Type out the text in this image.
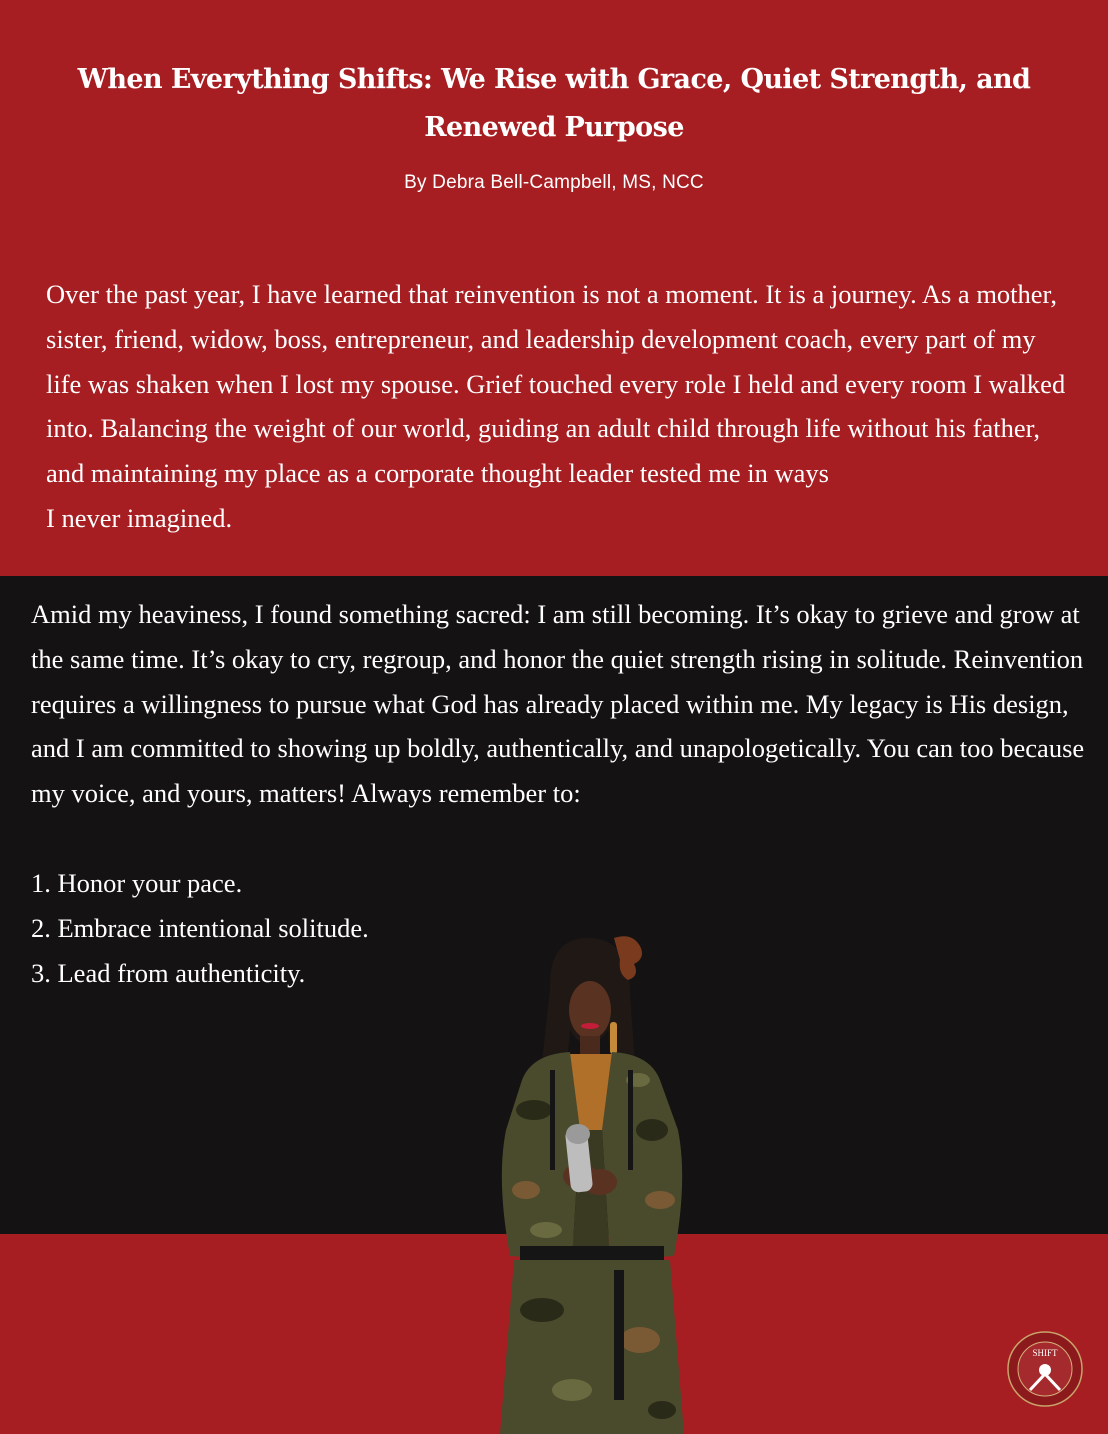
When Everything Shifts: We Rise with Grace, Quiet Strength, and Renewed Purpose
By Debra Bell-Campbell, MS, NCC

Over the past year, I have learned that reinvention is not a moment. It is a journey. As a mother, sister, friend, widow, boss, entrepreneur, and leadership development coach, every part of my life was shaken when I lost my spouse. Grief touched every role I held and every room I walked into. Balancing the weight of our world, guiding an adult child through life without his father, and maintaining my place as a corporate thought leader tested me in ways
I never imagined.

Amid my heaviness, I found something sacred: I am still becoming. It’s okay to grieve and grow at the same time. It’s okay to cry, regroup, and honor the quiet strength rising in solitude. Reinvention requires a willingness to pursue what God has already placed within me. My legacy is His design, and I am committed to showing up boldly, authentically, and unapologetically. You can too because my voice, and yours, matters! Always remember to:

1. Honor your pace.
2. Embrace intentional solitude.
3. Lead from authenticity.
SHIFT
